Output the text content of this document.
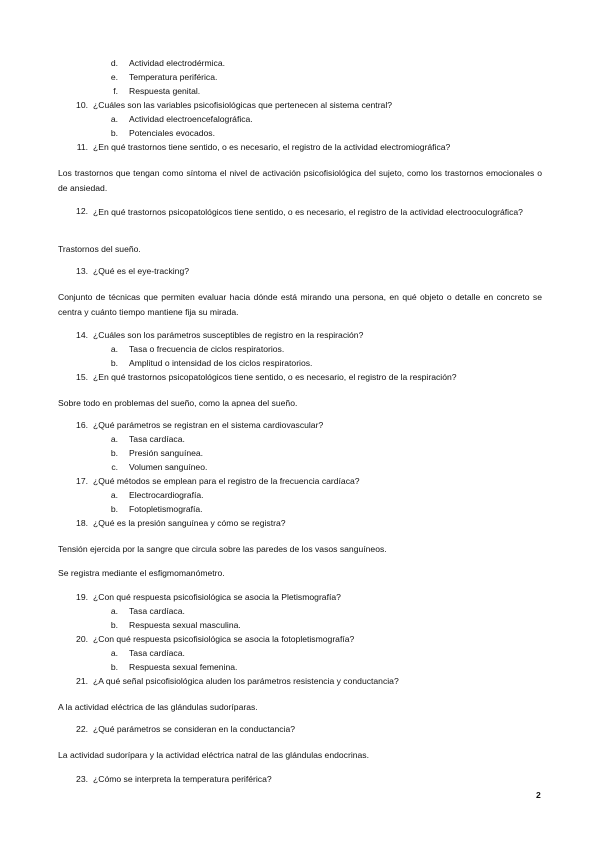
d. Actividad electrodérmica.
e. Temperatura periférica.
f. Respuesta genital.
10. ¿Cuáles son las variables psicofisiológicas que pertenecen al sistema central?
a. Actividad electroencefalográfica.
b. Potenciales evocados.
11. ¿En qué trastornos tiene sentido, o es necesario, el registro de la actividad electromiográfica?
Los trastornos que tengan como síntoma el nivel de activación psicofisiológica del sujeto, como los trastornos emocionales o de ansiedad.
12. ¿En qué trastornos psicopatológicos tiene sentido, o es necesario, el registro de la actividad electrooculográfica?
Trastornos del sueño.
13. ¿Qué es el eye-tracking?
Conjunto de técnicas que permiten evaluar hacia dónde está mirando una persona, en qué objeto o detalle en concreto se centra y cuánto tiempo mantiene fija su mirada.
14. ¿Cuáles son los parámetros susceptibles de registro en la respiración?
a. Tasa o frecuencia de ciclos respiratorios.
b. Amplitud o intensidad de los ciclos respiratorios.
15. ¿En qué trastornos psicopatológicos tiene sentido, o es necesario, el registro de la respiración?
Sobre todo en problemas del sueño, como la apnea del sueño.
16. ¿Qué parámetros se registran en el sistema cardiovascular?
a. Tasa cardíaca.
b. Presión sanguínea.
c. Volumen sanguíneo.
17. ¿Qué métodos se emplean para el registro de la frecuencia cardíaca?
a. Electrocardiografía.
b. Fotopletismografía.
18. ¿Qué es la presión sanguínea y cómo se registra?
Tensión ejercida por la sangre que circula sobre las paredes de los vasos sanguíneos.
Se registra mediante el esfigmomanómetro.
19. ¿Con qué respuesta psicofisiológica se asocia la Pletismografía?
a. Tasa cardíaca.
b. Respuesta sexual masculina.
20. ¿Con qué respuesta psicofisiológica se asocia la fotopletismografía?
a. Tasa cardíaca.
b. Respuesta sexual femenina.
21. ¿A qué señal psicofisiológica aluden los parámetros resistencia y conductancia?
A la actividad eléctrica de las glándulas sudoríparas.
22. ¿Qué parámetros se consideran en la conductancia?
La actividad sudorípara y la actividad eléctrica natral de las glándulas endocrinas.
23. ¿Cómo se interpreta la temperatura periférica?
2
